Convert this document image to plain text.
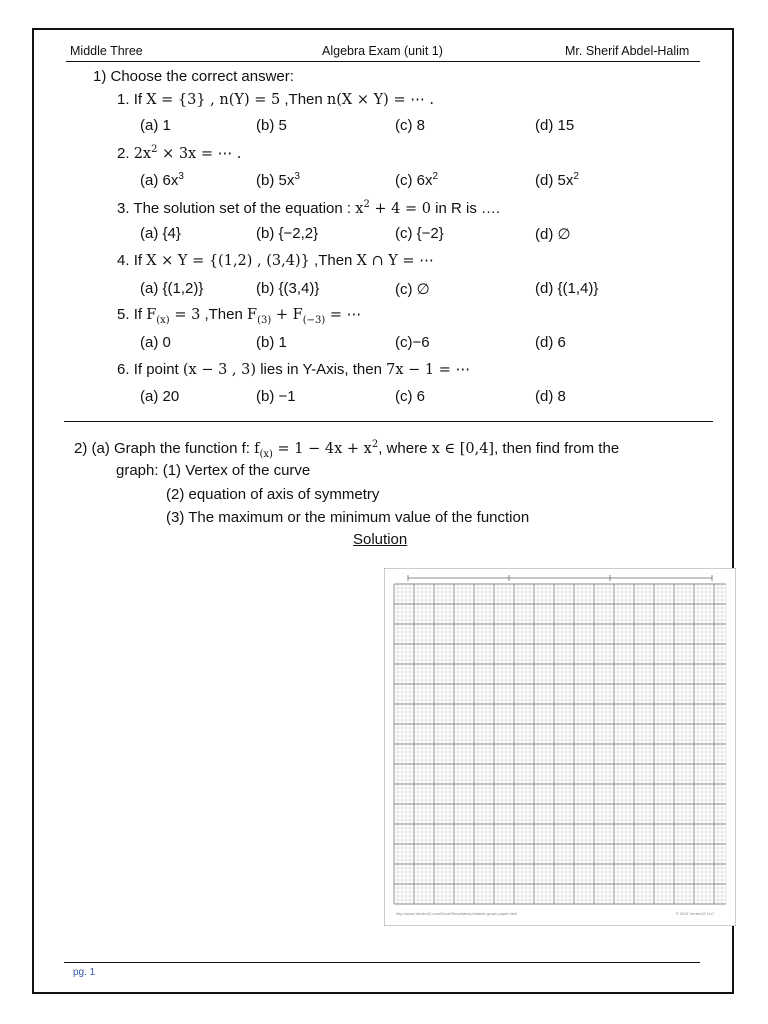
Middle Three	Algebra Exam (unit 1)	Mr. Sherif Abdel-Halim
1) Choose the correct answer:
1. If X = {3} , n(Y) = 5 ,Then n(X × Y) = ⋯ .
(a) 1	(b) 5	(c) 8	(d) 15
2. $2x^2 \times 3x$ = ⋯ .
(a) $6x^3$	(b) $5x^3$	(c) $6x^2$	(d) $5x^2$
3. The solution set of the equation : $x^2 + 4 = 0$ in R is ….
(a) {4}	(b) {−2,2}	(c) {−2}	(d) ∅
4. If X × Y = {(1,2) , (3,4)} ,Then X ∩ Y = ⋯
(a) {(1,2)}	(b) {(3,4)}	(c) ∅	(d) {(1,4)}
5. If $F_{(x)} = 3$ ,Then $F_{(3)} + F_{(-3)}$ = ⋯
(a) 0	(b) 1	(c)−6	(d) 6
6. If point (x − 3 , 3) lies in Y-Axis, then 7x − 1 = ⋯
(a) 20	(b) −1	(c) 6	(d) 8
2) (a) Graph the function f: $f_{(x)} = 1 - 4x + x^2$, where x ∈ [0,4], then find from the
graph: (1) Vertex of the curve
(2) equation of axis of symmetry
(3) The maximum or the minimum value of the function
Solution
http://www.Vertex42.com/ExcelTemplates/printable-graph-paper.html	© 2014 Vertex42 LLC
pg. 1
